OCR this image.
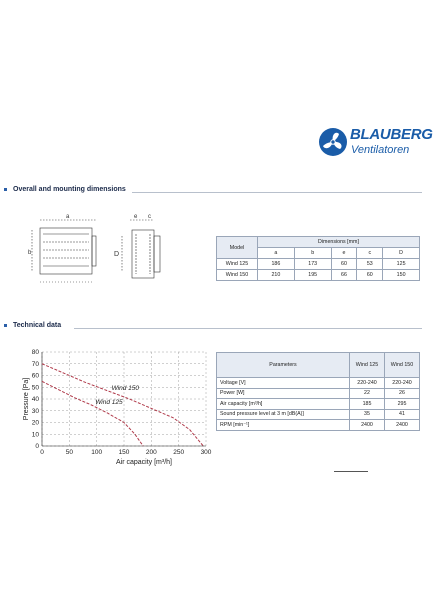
BLAUBERG
Ventilatoren
Overall and mounting dimensions
a
b
e c
D
Model	Dimensions [mm]				
	a	b	e	c	D
Wind 125	186	173	60	53	125
Wind 150	210	195	66	60	150
Technical data
0
10
20
30
40
50
60
70
80
0	50	100	150	200	250	300
Wind 150
Wind 125
Air capacity [m³/h]
Pressure [Pa]
Parameters	Wind 125	Wind 150
Voltage [V]	220-240	220-240
Power [W]	22	26
Air capacity [m³/h]	185	295
Sound pressure level at 3 m [dB(A)]	35	41
RPM [min⁻¹]	2400	2400
